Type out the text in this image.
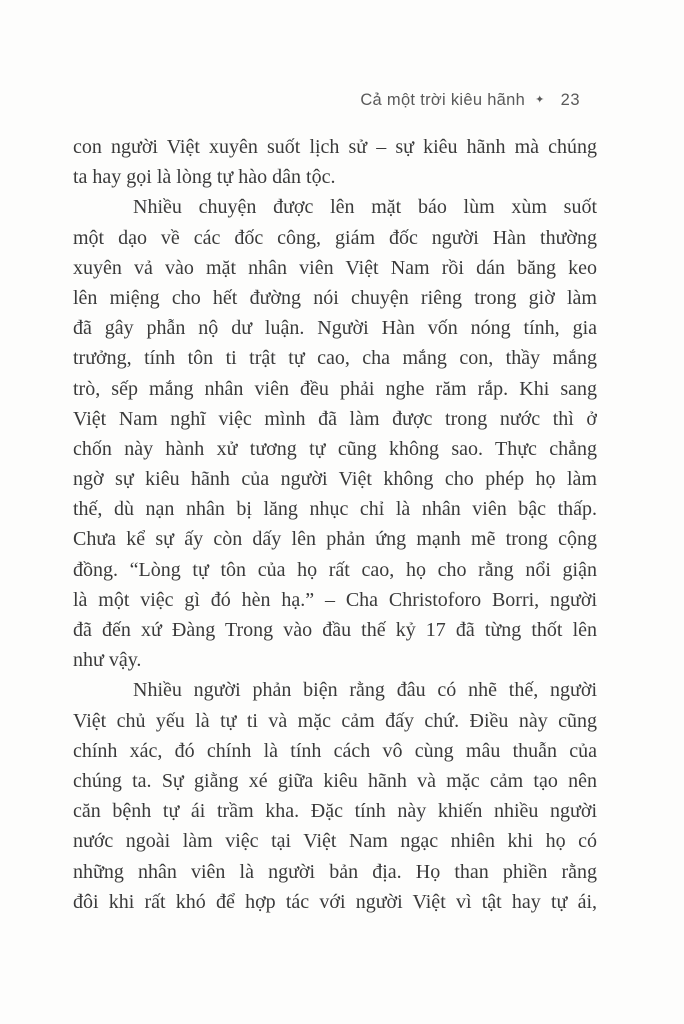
Cả một trời kiêu hãnh ✦ 23
con người Việt xuyên suốt lịch sử – sự kiêu hãnh mà chúng
ta hay gọi là lòng tự hào dân tộc.
Nhiều chuyện được lên mặt báo lùm xùm suốt
một dạo về các đốc công, giám đốc người Hàn thường
xuyên vả vào mặt nhân viên Việt Nam rồi dán băng keo
lên miệng cho hết đường nói chuyện riêng trong giờ làm
đã gây phẫn nộ dư luận. Người Hàn vốn nóng tính, gia
trưởng, tính tôn ti trật tự cao, cha mắng con, thầy mắng
trò, sếp mắng nhân viên đều phải nghe răm rắp. Khi sang
Việt Nam nghĩ việc mình đã làm được trong nước thì ở
chốn này hành xử tương tự cũng không sao. Thực chẳng
ngờ sự kiêu hãnh của người Việt không cho phép họ làm
thế, dù nạn nhân bị lăng nhục chỉ là nhân viên bậc thấp.
Chưa kể sự ấy còn dấy lên phản ứng mạnh mẽ trong cộng
đồng. “Lòng tự tôn của họ rất cao, họ cho rằng nổi giận
là một việc gì đó hèn hạ.” – Cha Christoforo Borri, người
đã đến xứ Đàng Trong vào đầu thế kỷ 17 đã từng thốt lên
như vậy.
Nhiều người phản biện rằng đâu có nhẽ thế, người
Việt chủ yếu là tự ti và mặc cảm đấy chứ. Điều này cũng
chính xác, đó chính là tính cách vô cùng mâu thuẫn của
chúng ta. Sự giằng xé giữa kiêu hãnh và mặc cảm tạo nên
căn bệnh tự ái trầm kha. Đặc tính này khiến nhiều người
nước ngoài làm việc tại Việt Nam ngạc nhiên khi họ có
những nhân viên là người bản địa. Họ than phiền rằng
đôi khi rất khó để hợp tác với người Việt vì tật hay tự ái,
